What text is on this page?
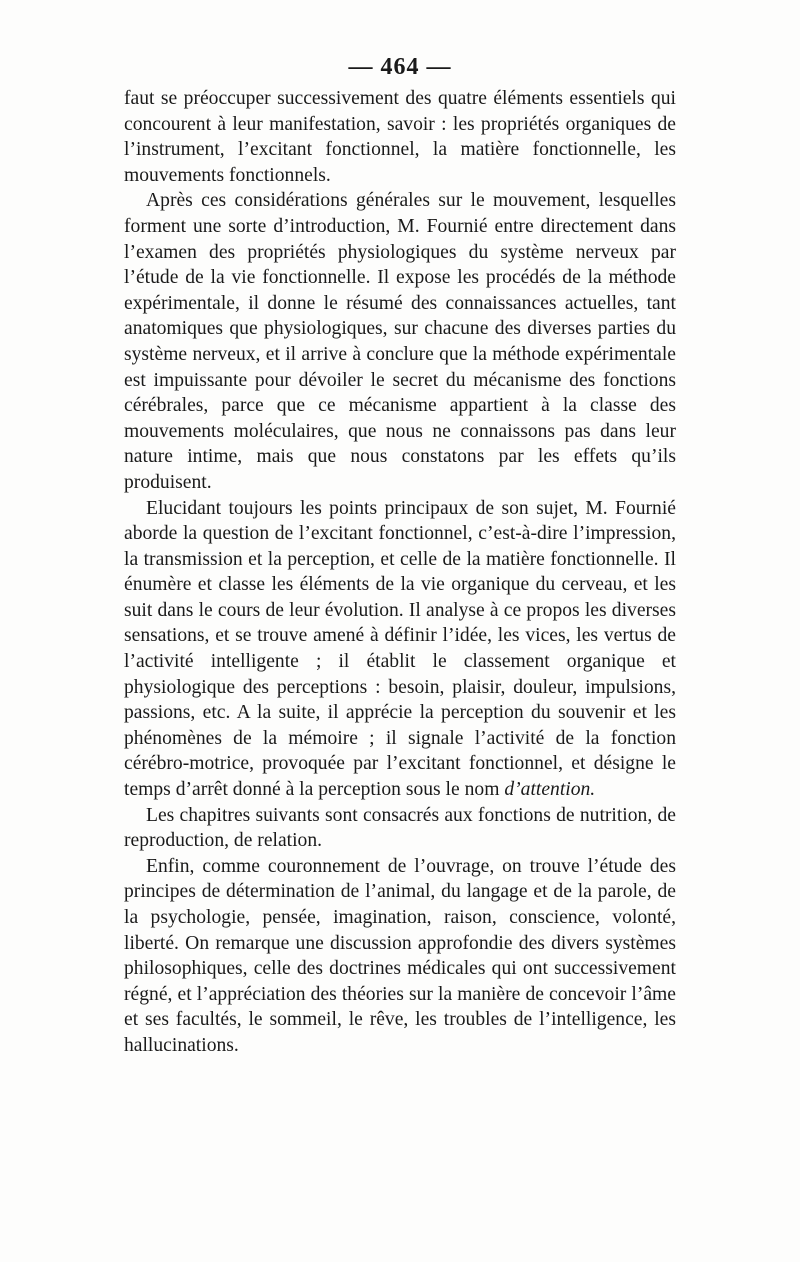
— 464 —

faut se préoccuper successivement des quatre éléments essentiels qui concourent à leur manifestation, savoir : les propriétés organiques de l’instrument, l’excitant fonctionnel, la matière fonctionnelle, les mouvements fonctionnels.

Après ces considérations générales sur le mouvement, lesquelles forment une sorte d’introduction, M. Fournié entre directement dans l’examen des propriétés physiologiques du système nerveux par l’étude de la vie fonctionnelle. Il expose les procédés de la méthode expérimentale, il donne le résumé des connaissances actuelles, tant anatomiques que physiologiques, sur chacune des diverses parties du système nerveux, et il arrive à conclure que la méthode expérimentale est impuissante pour dévoiler le secret du mécanisme des fonctions cérébrales, parce que ce mécanisme appartient à la classe des mouvements moléculaires, que nous ne connaissons pas dans leur nature intime, mais que nous constatons par les effets qu’ils produisent.

Elucidant toujours les points principaux de son sujet, M. Fournié aborde la question de l’excitant fonctionnel, c’est-à-dire l’impression, la transmission et la perception, et celle de la matière fonctionnelle. Il énumère et classe les éléments de la vie organique du cerveau, et les suit dans le cours de leur évolution. Il analyse à ce propos les diverses sensations, et se trouve amené à définir l’idée, les vices, les vertus de l’activité intelligente ; il établit le classement organique et physiologique des perceptions : besoin, plaisir, douleur, impulsions, passions, etc. A la suite, il apprécie la perception du souvenir et les phénomènes de la mémoire ; il signale l’activité de la fonction cérébro-motrice, provoquée par l’excitant fonctionnel, et désigne le temps d’arrêt donné à la perception sous le nom d’attention.

Les chapitres suivants sont consacrés aux fonctions de nutrition, de reproduction, de relation.

Enfin, comme couronnement de l’ouvrage, on trouve l’étude des principes de détermination de l’animal, du langage et de la parole, de la psychologie, pensée, imagination, raison, conscience, volonté, liberté. On remarque une discussion approfondie des divers systèmes philosophiques, celle des doctrines médicales qui ont successivement régné, et l’appréciation des théories sur la manière de concevoir l’âme et ses facultés, le sommeil, le rêve, les troubles de l’intelligence, les hallucinations.
